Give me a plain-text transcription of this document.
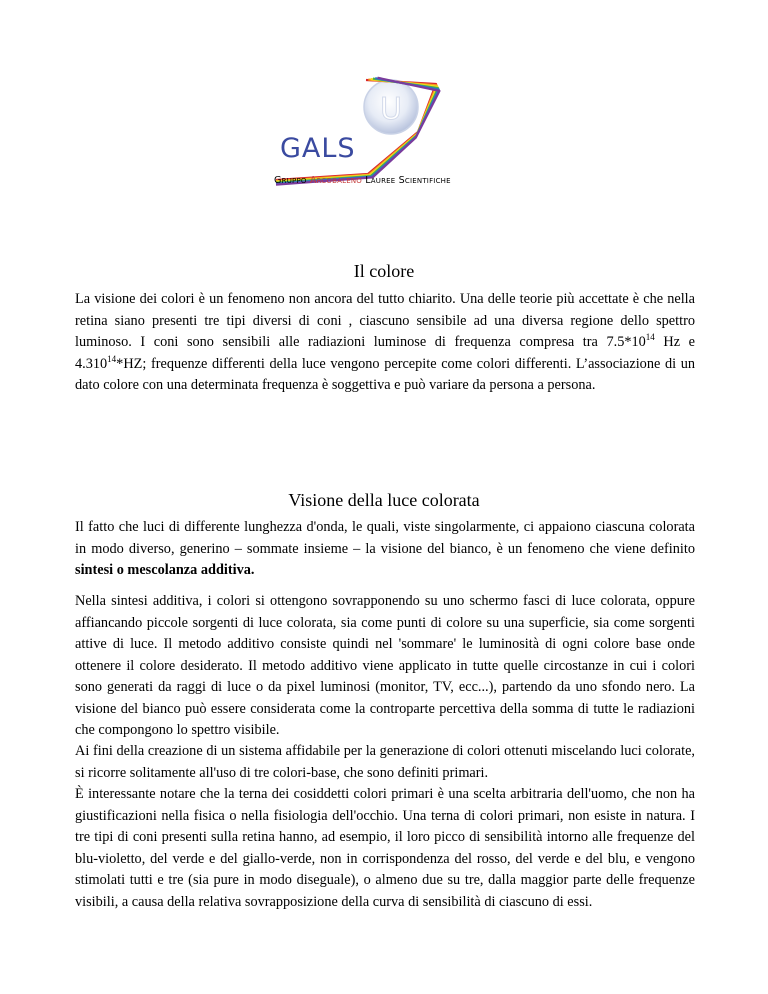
U
GALS
Gruppo Arcobaleno Lauree Scientifiche
Il colore
La visione dei colori è un fenomeno non ancora del tutto chiarito. Una delle teorie più accettate è che nella retina siano presenti tre tipi diversi di coni , ciascuno sensibile ad una diversa regione dello spettro luminoso. I coni sono sensibili alle radiazioni luminose di frequenza compresa tra $7.5*10^{14}$ Hz e 4.310$^{14}$*HZ; frequenze differenti della luce vengono percepite come colori differenti. L’associazione di un dato colore con una determinata frequenza è soggettiva e può variare da persona a persona.
Visione della luce colorata
Il fatto che luci di differente lunghezza d'onda, le quali, viste singolarmente, ci appaiono ciascuna colorata in modo diverso, generino – sommate insieme – la visione del bianco, è un fenomeno che viene definito sintesi o mescolanza additiva.
Nella sintesi additiva, i colori si ottengono sovrapponendo su uno schermo fasci di luce colorata, oppure affiancando piccole sorgenti di luce colorata, sia come punti di colore su una superficie, sia come sorgenti attive di luce. Il metodo additivo consiste quindi nel 'sommare' le luminosità di ogni colore base onde ottenere il colore desiderato. Il metodo additivo viene applicato in tutte quelle circostanze in cui i colori sono generati da raggi di luce o da pixel luminosi (monitor, TV, ecc...), partendo da uno sfondo nero. La visione del bianco può essere considerata come la controparte percettiva della somma di tutte le radiazioni che compongono lo spettro visibile.
Ai fini della creazione di un sistema affidabile per la generazione di colori ottenuti miscelando luci colorate, si ricorre solitamente all'uso di tre colori-base, che sono definiti primari.
È interessante notare che la terna dei cosiddetti colori primari è una scelta arbitraria dell'uomo, che non ha giustificazioni nella fisica o nella fisiologia dell'occhio. Una terna di colori primari, non esiste in natura. I tre tipi di coni presenti sulla retina hanno, ad esempio, il loro picco di sensibilità intorno alle frequenze del blu-violetto, del verde e del giallo-verde, non in corrispondenza del rosso, del verde e del blu, e vengono stimolati tutti e tre (sia pure in modo diseguale), o almeno due su tre, dalla maggior parte delle frequenze visibili, a causa della relativa sovrapposizione della curva di sensibilità di ciascuno di essi.
